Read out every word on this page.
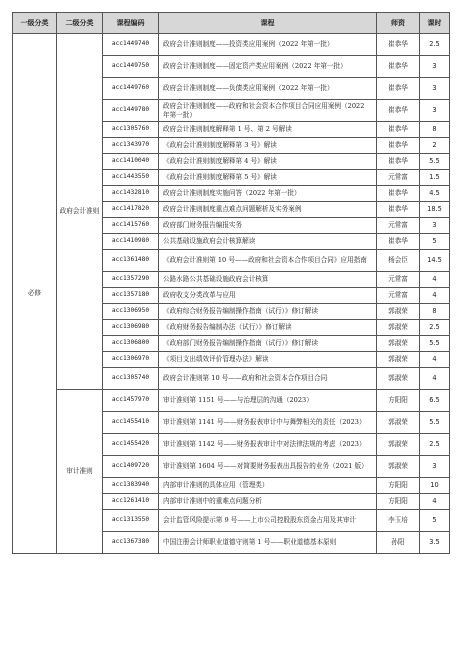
一级分类	二级分类	课程编码	课程	师资	课时
必修	政府会计准则	acc1449740	政府会计准则制度——投资类应用案例（2022 年第一批）	崔恭华	2.5
		acc1449750	政府会计准则制度——固定资产类应用案例（2022 年第一批）	崔恭华	3
		acc1449760	政府会计准则制度——负债类应用案例（2022 年第一批）	崔恭华	3
		acc1449780	政府会计准则制度——政府和社会资本合作项目合同应用案例（2022 年第一批）	崔恭华	3
		acc1305760	政府会计准则制度解释第 1 号、第 2 号解读	崔恭华	8
		acc1343970	《政府会计准则制度解释第 3 号》解读	崔恭华	2
		acc1410040	《政府会计准则制度解释第 4 号》解读	崔恭华	5.5
		acc1443550	《政府会计准则制度解释第 5 号》解读	元常富	1.5
		acc1432810	政府会计准则制度实施问答（2022 年第一批）	崔恭华	4.5
		acc1417820	政府会计准则制度重点难点问题解析及实务案例	崔恭华	18.5
		acc1415760	政府部门财务报告编报实务	元常富	3
		acc1410980	公共基础设施政府会计核算解读	崔恭华	5
		acc1361480	《政府会计准则第 10 号——政府和社会资本合作项目合同》应用指南	杨会臣	14.5
		acc1357290	公路水路公共基础设施政府会计核算	元常富	4
		acc1357180	政府收支分类改革与应用	元常富	4
		acc1306950	《政府综合财务报告编制操作指南（试行）》修订解读	郭淑荣	8
		acc1306980	《政府财务报告编制办法（试行）》修订解读	郭淑荣	2.5
		acc1306800	《政府部门财务报告编制操作指南（试行）》修订解读	郭淑荣	5.5
		acc1306970	《项目支出绩效评价管理办法》解读	郭淑荣	4
		acc1305740	政府会计准则第 10 号——政府和社会资本合作项目合同	郭淑荣	4
	审计准则	acc1457970	审计准则第 1151 号——与治理层的沟通（2023）	方阳阳	6.5
		acc1455410	审计准则第 1141 号——财务报表审计中与舞弊相关的责任（2023）	郭淑荣	5.5
		acc1455420	审计准则第 1142 号——财务报表审计中对法律法规的考虑（2023）	郭淑荣	2.5
		acc1409720	审计准则第 1604 号——对简要财务报表出具报告的业务（2021 版）	郭淑荣	3
		acc1383940	内部审计准则的具体应用（管理类）	方阳阳	10
		acc1261410	内部审计准则中的重难点问题分析	方阳阳	4
		acc1313550	会计监管风险提示第 9 号——上市公司控股股东资金占用及其审计	李玉培	5
		acc1367380	中国注册会计师职业道德守则第 1 号——职业道德基本原则	孙阳	3.5
